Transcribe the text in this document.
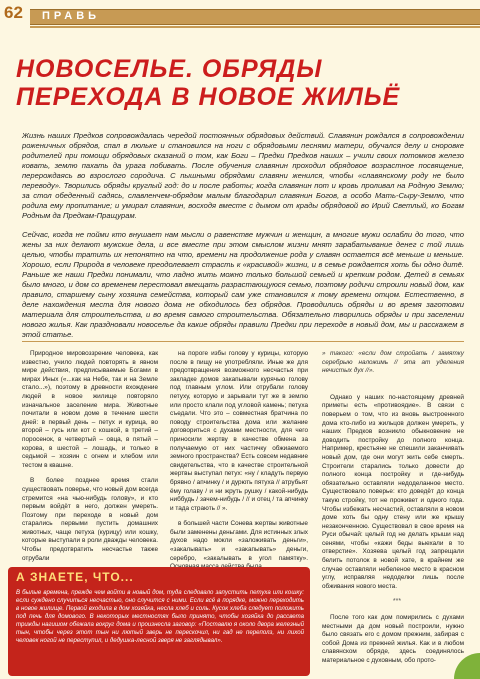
62 ПРАВЬ
НОВОСЕЛЬЕ. ОБРЯДЫ ПЕРЕХОДА В НОВОЕ ЖИЛЬЁ

Жизнь наших Предков сопровождалась чередой постоянных обрядовых действий. Славянин рождался в сопровождении роженичных обрядов, спал в люльке и становился на ноги с обрядовыми песнями матери, обучался делу и сноровке родителей при помощи обрядовых сказаний о том, как Боги – Предки Предков наших – учили своих потомков железо ковать, землю пахать да урага побивать. После обучения славянин проходил обрядовое возрастное посвящение, перерождаясь во взрослого сородича. С пышными обрядами славяни женился, чтобы «славянскому роду не было переводу». Творились обряды круглый год: до и после работы; когда славянин пот и кровь проливал на Родную Землю; за стол обеденный садясь, славленчем-обрядом малым благодарил славянин Богов, а особо Мать-Сыру-Землю, что родила ему пропитание; и умирал славянин, восходя вместе с дымом от крады обрядовой во Ирий Светлый, ко Богам Родным да Предкам-Пращурам.

Сейчас, когда не пойми кто внушает нам мысли о равенстве мужчин и женщин, а многие мужи ослабли до того, что жены за них делают мужские дела, и все вместе при этом смыслом жизни мнят зарабатывание денег с той лишь целью, чтобы тратить их непонятно на что, времени на продолжение рода у славян остается всё меньше и меньше. Хорошо, если Природа в человеке преодолевает страсть к «красивой» жизни, и в семье рождается хоть бы одно дитё. Раньше же наши Предки понимали, что ладно жить можно только большой семьей и крепким родом. Детей в семьях было много, и дом со временем перестовал вмещать разрастающуюся семью, поэтому родичи строили новый дом, как правило, старшему сыну хозяина семейства, который сам уже становился к тому времени отцом. Естественно, в деле нахождения места для нового дома не обходилось без обрядов. Проводились обряды и во время заготовки материала для строительства, и во время самого строительства. Обязательно творились обряды и при заселении нового жилья. Как праздновали новоселье да какие обряды правили Предки при переходе в новый дом, мы и расскажем в этой статье.

Природное мировоззрение человека, как известно, учило людей повторять в явном мире действия, предписываемые Богами в мирах Иных («...как на Небе, так и на Земле стало...»), поэтому в древности вхождение людей в новое жилище повторяло изначальное заселение мира. Животные почитали в новом доме в течение шести дней: в первый день – петух и курица, во второй – гусь или кот с кошкой, в третий – поросенок, в четвертый – овца, в пятый – корова, в шестой – лошадь, и только в седьмой – хозяин с огнем и хлебом или тестом в квашне.

В более позднее время стали существовать поверье, что новый дом всегда стремится «на чью-нибудь голову», и кто первым войдёт в него, должен умереть. Поэтому при переходе в новый дом старались первыми пустить домашних животных, чаще петуха (курицу) или кошку, которые выступали в роли дважды человека. Чтобы предотвратить несчастье также отрубали

на пороге избы голову у курицы, которую после в пищу не употребляли. Иные же для предотвращения возможного несчастья при закладке домов закапывали курячью голову под главным углом. Или отрубали голову петуху, которую и зарывали тут же в землю или просто клали под угловой камень; петуха съедали. Что это – совместная братчина по поводу строительства дома или желание договориться с духами местности, для чего приносили жертву в качестве обмена за получаемую от них частичку обжиаемого земного пространства? Есть совсем недавние свидетельства, что в качестве строительной жертвы выступал петух: «ну / кладуть первую брявно / апчинку / и дурють пятуха // атрубьят ёму голаву / и ни жруть рушку / какой-нибудь ниббудь / зачем-нибудь / // и отец / та апчинку и тада страють // ».

в большей части Сонева жертвы животные были заменены деньгами. Для истинных злых духов надо мокли «заложивать деньги», «закалывать» и «закапывать» деньги, серебро, «закалывать в угол памятку».

» такого: «если дом стройать / замятку серебрыю наложимь // эта ат уделения нечистых дух //».

Однако у наших по-настоящему древней приметы есть «противоядие». В связи с поверьем о том, что из вновь выстроенного дома кто-либо из жильцов должен умереть, у наших Предков возникло обыкновение не доводить постройку до полного конца. Например, крестьяне не спешили заканчивать новый дом, где они могут жить себе смерть. Строители старались только довести до полного конца постройку и где-нибудь обязательно оставляли недоделанное место. Существовало поверье: кто доведёт до конца такую стройку, тот не проживет и одного года. Чтобы избежать несчастий, оставляли в новом доме хоть бы одну стену или же крышу незаконченною. Существовал в свое время на Руси обычай: целый год не делать крыши над сенями, чтобы «кажи беды выехали в то отверстие». Хозяева целый год запрещали белить потолок в новой хате, в крайнем же случае оставляли небеленое место в красном углу, исправляя недоделки лишь после обживания нового места.

***

После того как дом помирились с духами местными да дом новый построили, нужно было связать его с домом прежним, забирая с собой Дома из прежней жилья. Как и в любом славянском обряде, здесь соединялось материальное с духовным, обо прото-

А ЗНАЕТЕ, ЧТО...

В былые времена, прежде чем войти в новый дом, туда следовало запустить петуха или кошку: если суждено случиться несчастью, оно случится с ними. Если всё в порядке, можно переходить в новое жилище. Первой входила в дом хозяйка, несла хлеб и соль. Кусок хлеба следует положить под печь для домового. В некоторых местностях было принято, чтобы хозяйка до рассвета трижды нагишом обежала вокруг дома и произнесла заговор: «Поставлю я около двора железный тын, чтобы через этот тын ни лютый зверь не перескочил, ни гад не переполз, ни лихой человек ногой не переступил, и дедушка-лесной зверя не заглядывал».
